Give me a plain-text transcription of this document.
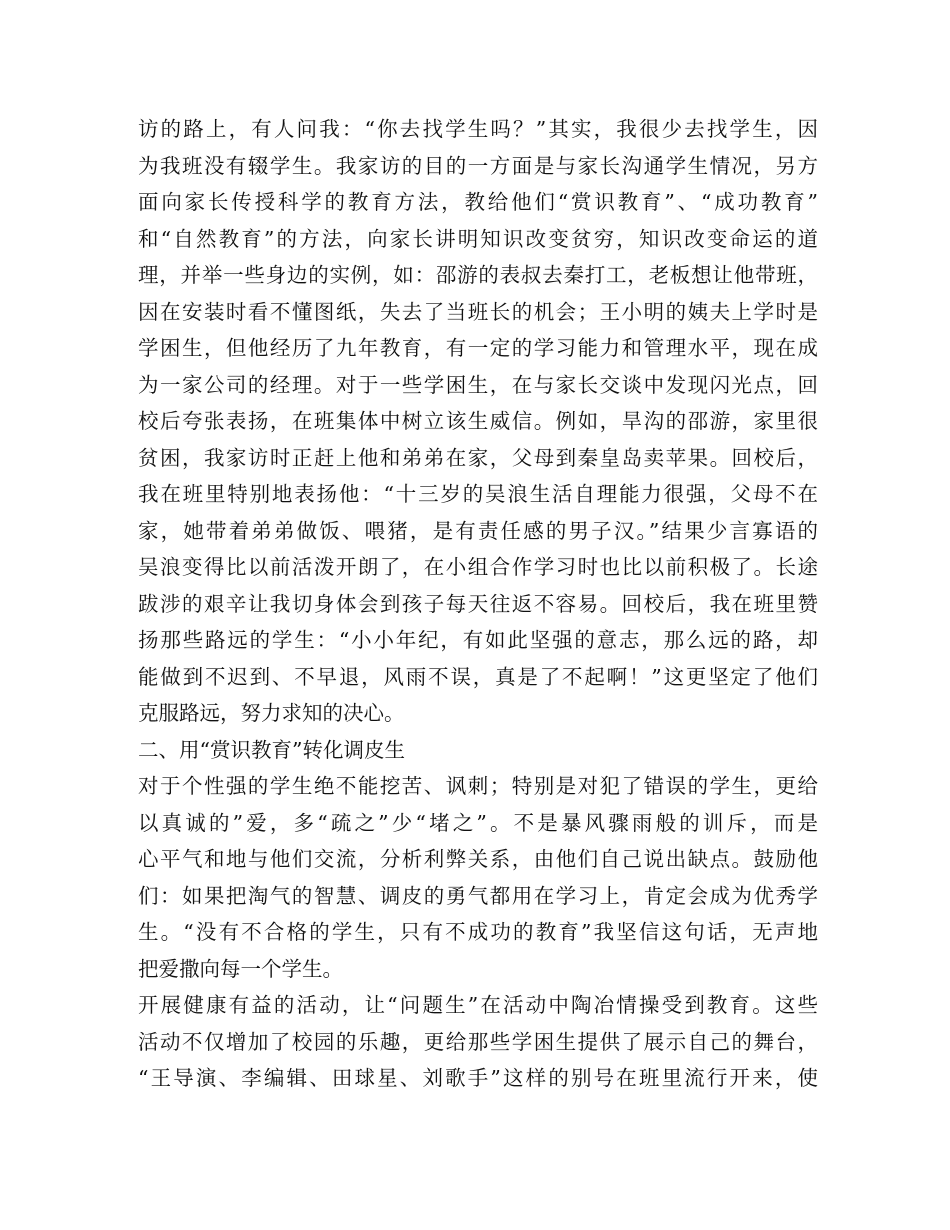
访的路上，有人问我：“你去找学生吗？”其实，我很少去找学生，因
为我班没有辍学生。我家访的目的一方面是与家长沟通学生情况，另方
面向家长传授科学的教育方法，教给他们“赏识教育”、“成功教育”
和“自然教育”的方法，向家长讲明知识改变贫穷，知识改变命运的道
理，并举一些身边的实例，如：邵游的表叔去秦打工，老板想让他带班，
因在安装时看不懂图纸，失去了当班长的机会；王小明的姨夫上学时是
学困生，但他经历了九年教育，有一定的学习能力和管理水平，现在成
为一家公司的经理。对于一些学困生，在与家长交谈中发现闪光点，回
校后夸张表扬，在班集体中树立该生威信。例如，旱沟的邵游，家里很
贫困，我家访时正赶上他和弟弟在家，父母到秦皇岛卖苹果。回校后，
我在班里特别地表扬他：“十三岁的吴浪生活自理能力很强，父母不在
家，她带着弟弟做饭、喂猪，是有责任感的男子汉。”结果少言寡语的
吴浪变得比以前活泼开朗了，在小组合作学习时也比以前积极了。长途
跋涉的艰辛让我切身体会到孩子每天往返不容易。回校后，我在班里赞
扬那些路远的学生：“小小年纪，有如此坚强的意志，那么远的路，却
能做到不迟到、不早退，风雨不误，真是了不起啊！”这更坚定了他们
克服路远，努力求知的决心。
二、用“赏识教育”转化调皮生
对于个性强的学生绝不能挖苦、讽刺；特别是对犯了错误的学生，更给
以真诚的”爱，多“疏之”少“堵之”。不是暴风骤雨般的训斥，而是
心平气和地与他们交流，分析利弊关系，由他们自己说出缺点。鼓励他
们：如果把淘气的智慧、调皮的勇气都用在学习上，肯定会成为优秀学
生。“没有不合格的学生，只有不成功的教育”我坚信这句话，无声地
把爱撒向每一个学生。
开展健康有益的活动，让“问题生”在活动中陶冶情操受到教育。这些
活动不仅增加了校园的乐趣，更给那些学困生提供了展示自己的舞台，
“王导演、李编辑、田球星、刘歌手”这样的别号在班里流行开来，使
